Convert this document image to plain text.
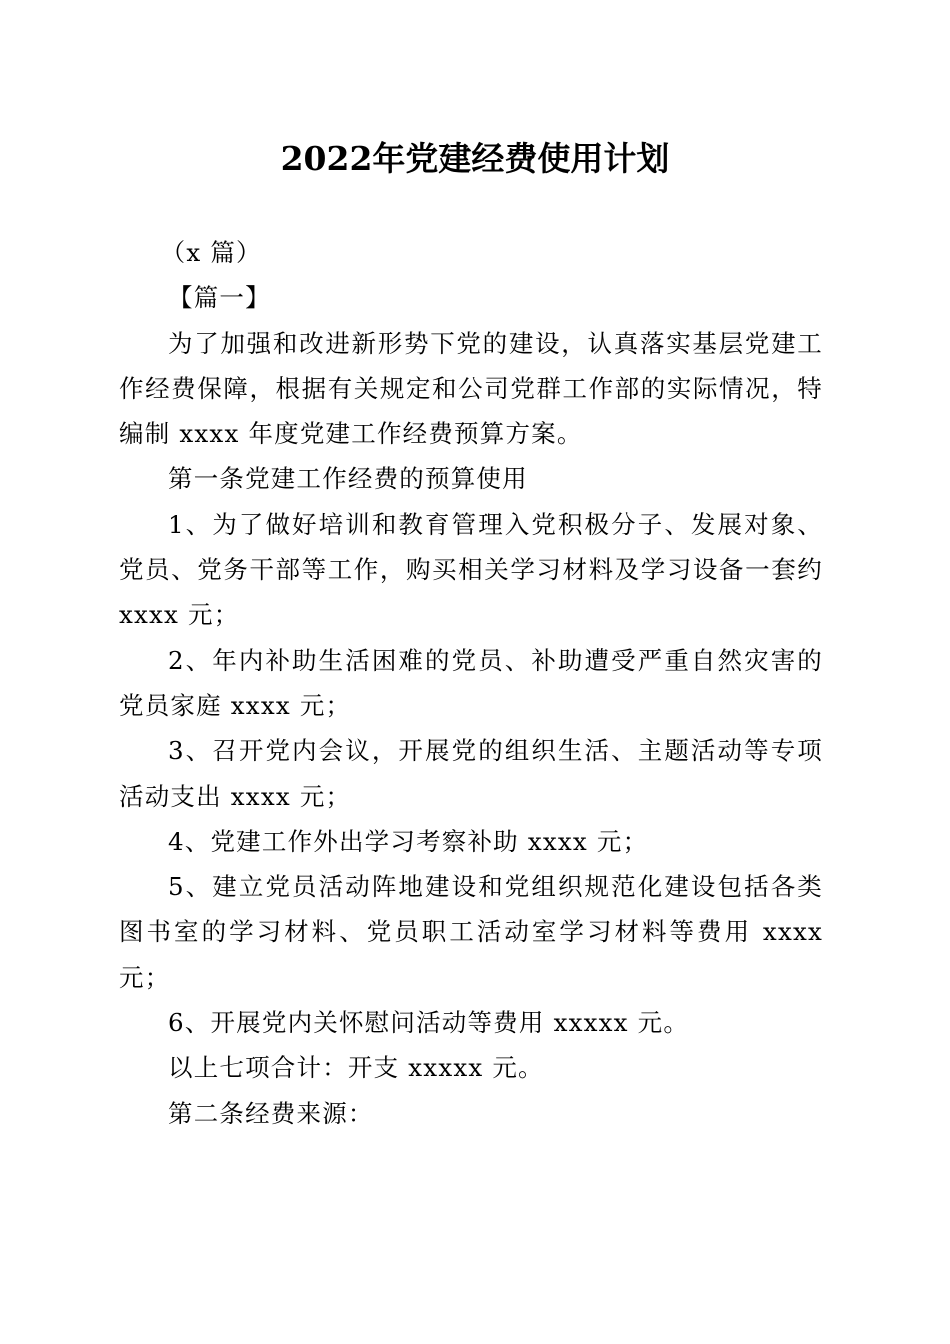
2022年党建经费使用计划

（x 篇）

【篇一】

为了加强和改进新形势下党的建设，认真落实基层党建工作经费保障，根据有关规定和公司党群工作部的实际情况，特编制 xxxx 年度党建工作经费预算方案。

第一条党建工作经费的预算使用

1、为了做好培训和教育管理入党积极分子、发展对象、党员、党务干部等工作，购买相关学习材料及学习设备一套约 xxxx 元；

2、年内补助生活困难的党员、补助遭受严重自然灾害的党员家庭 xxxx 元；

3、召开党内会议，开展党的组织生活、主题活动等专项活动支出 xxxx 元；

4、党建工作外出学习考察补助 xxxx 元；

5、建立党员活动阵地建设和党组织规范化建设包括各类图书室的学习材料、党员职工活动室学习材料等费用 xxxx 元；

6、开展党内关怀慰问活动等费用 xxxxx 元。

以上七项合计：开支 xxxxx 元。

第二条经费来源：
